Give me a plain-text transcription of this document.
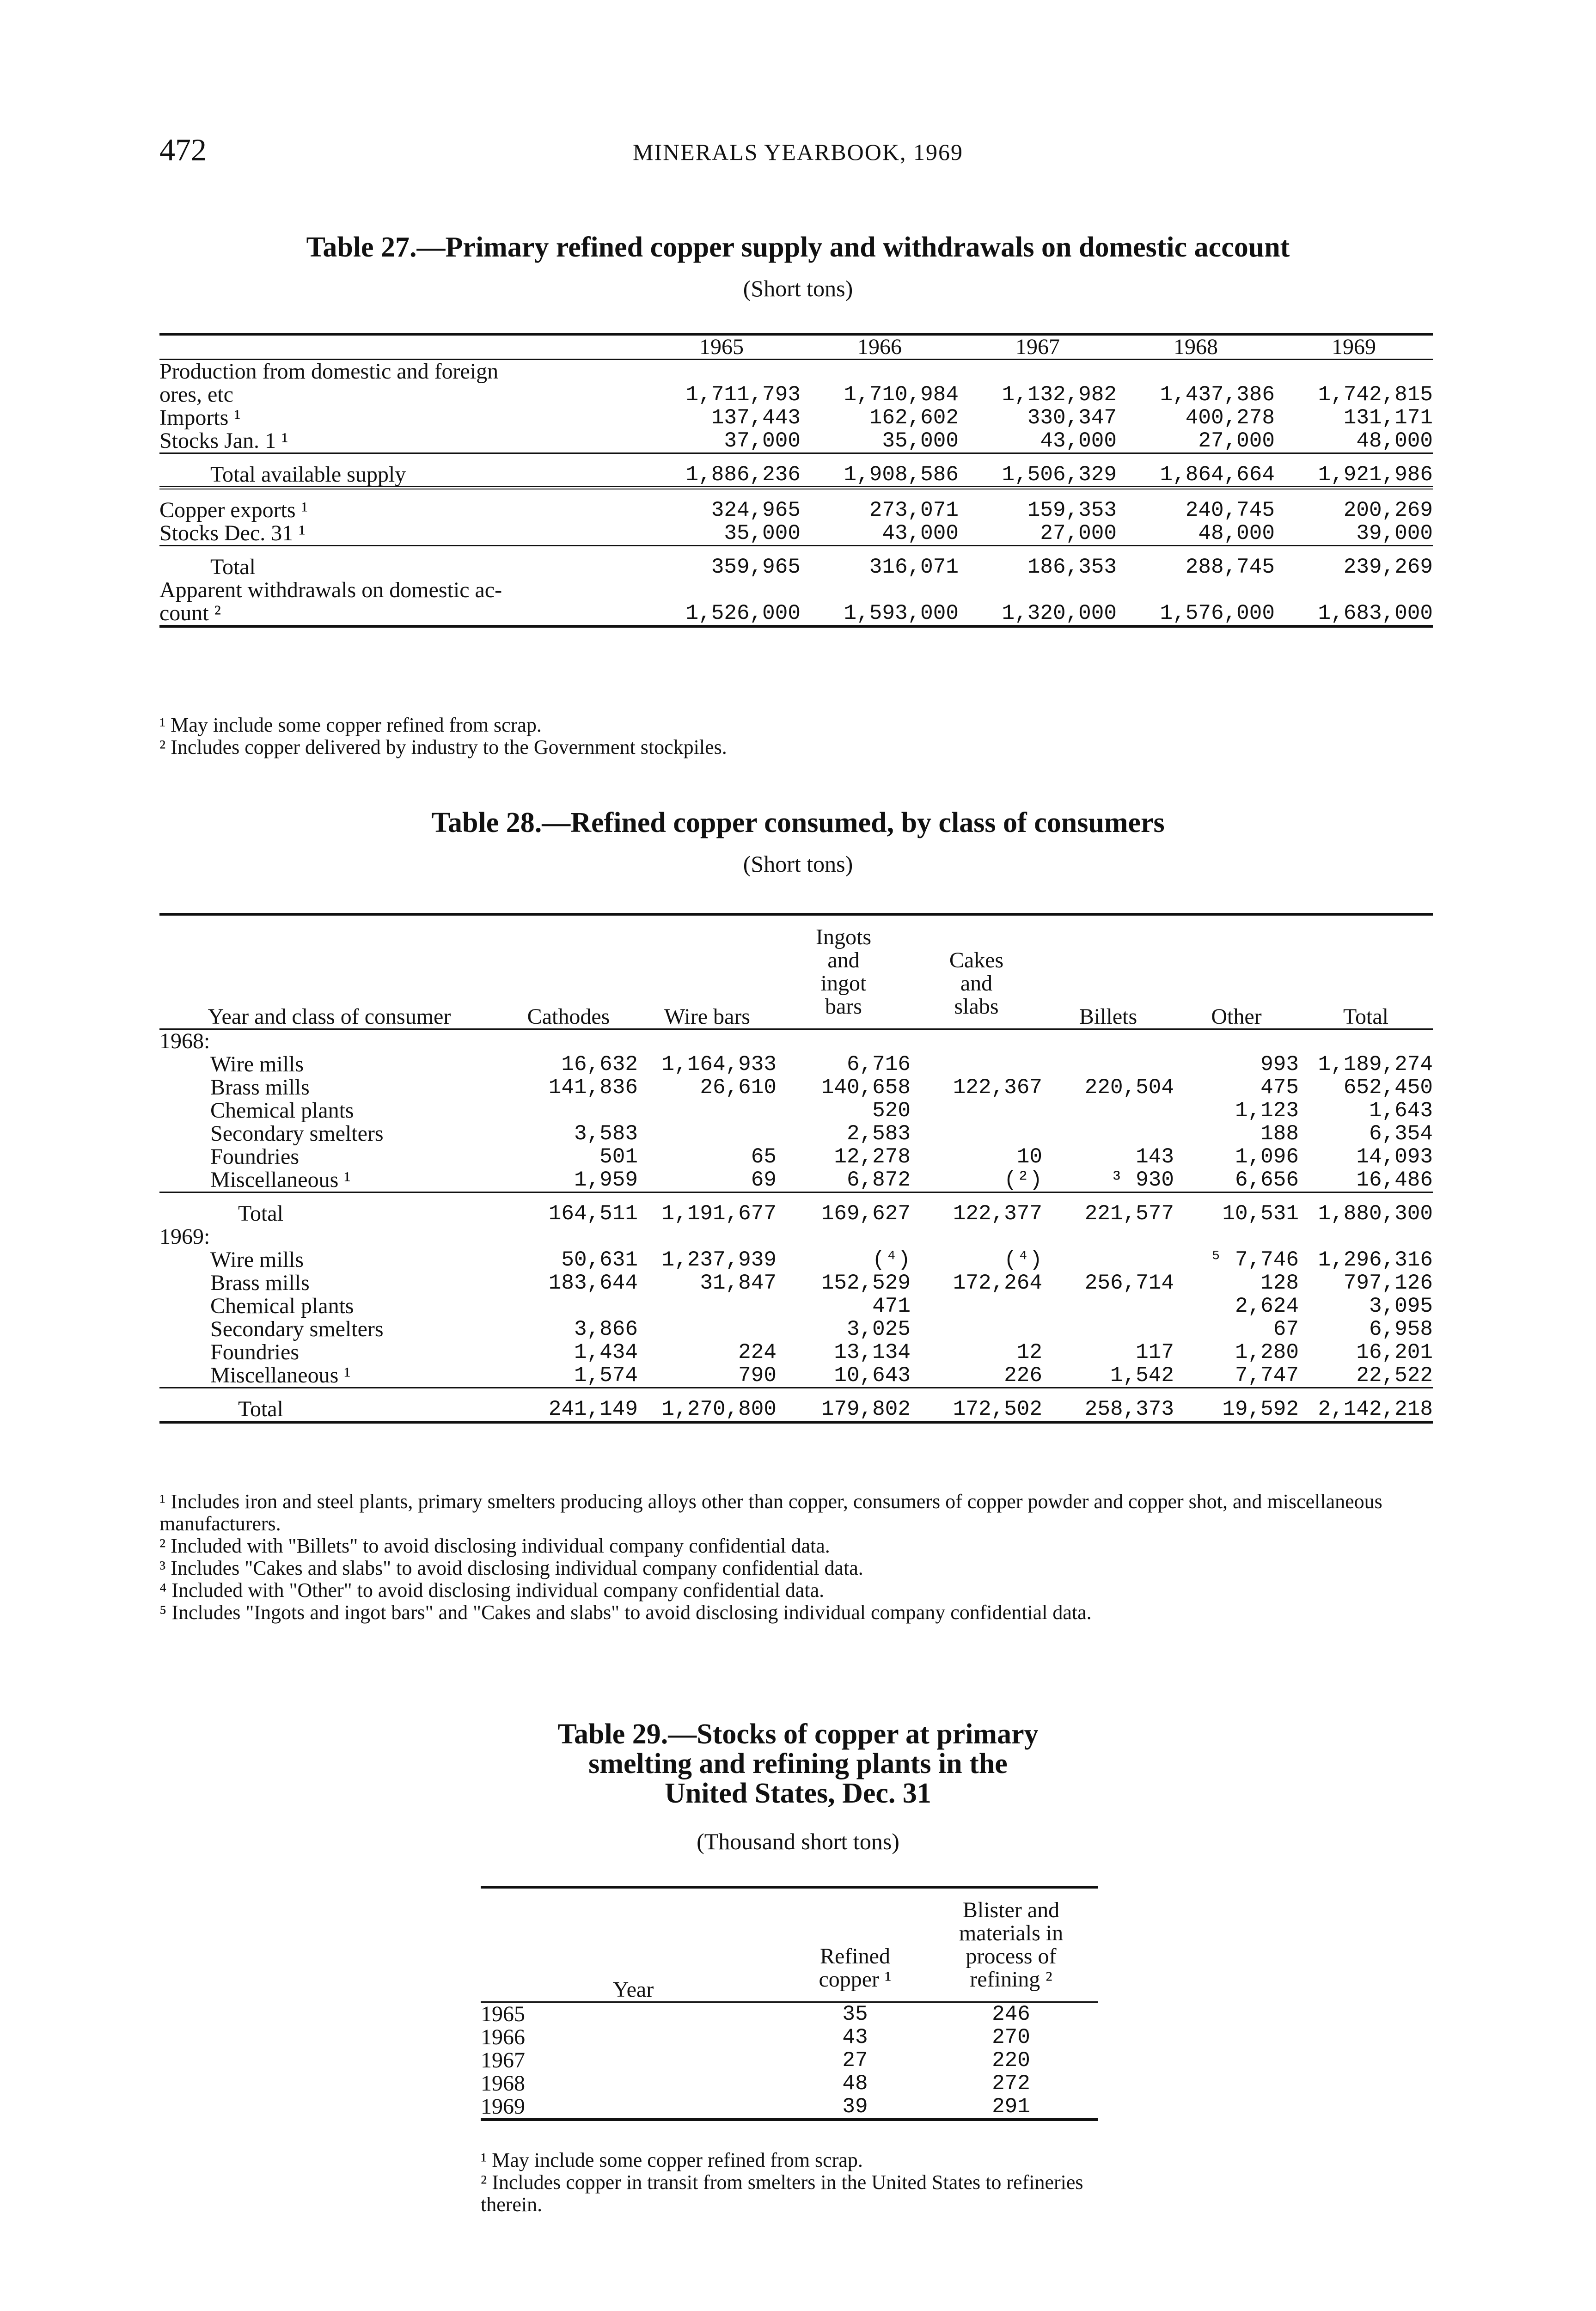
472	MINERALS YEARBOOK, 1969
Table 27.—Primary refined copper supply and withdrawals on domestic account
(Short tons)
	1965	1966	1967	1968	1969
Production from domestic and foreign					
ores, etc	1,711,793	1,710,984	1,132,982	1,437,386	1,742,815
Imports ¹	137,443	162,602	330,347	400,278	131,171
Stocks Jan. 1 ¹	37,000	35,000	43,000	27,000	48,000
Total available supply	1,886,236	1,908,586	1,506,329	1,864,664	1,921,986
Copper exports ¹	324,965	273,071	159,353	240,745	200,269
Stocks Dec. 31 ¹	35,000	43,000	27,000	48,000	39,000
Total	359,965	316,071	186,353	288,745	239,269
Apparent withdrawals on domestic ac-					
count ²	1,526,000	1,593,000	1,320,000	1,576,000	1,683,000
¹ May include some copper refined from scrap.
² Includes copper delivered by industry to the Government stockpiles.
Table 28.—Refined copper consumed, by class of consumers
(Short tons)
Year and class of consumer	Cathodes	Wire bars	Ingots and ingot bars	Cakes and slabs	Billets	Other	Total
1968:							
Wire mills	16,632	1,164,933	6,716			993	1,189,274
Brass mills	141,836	26,610	140,658	122,367	220,504	475	652,450
Chemical plants			520			1,123	1,643
Secondary smelters	3,583		2,583			188	6,354
Foundries	501	65	12,278	10	143	1,096	14,093
Miscellaneous ¹	1,959	69	6,872	(²)	³ 930	6,656	16,486
Total	164,511	1,191,677	169,627	122,377	221,577	10,531	1,880,300
1969:							
Wire mills	50,631	1,237,939	(⁴)	(⁴)		⁵ 7,746	1,296,316
Brass mills	183,644	31,847	152,529	172,264	256,714	128	797,126
Chemical plants			471			2,624	3,095
Secondary smelters	3,866		3,025			67	6,958
Foundries	1,434	224	13,134	12	117	1,280	16,201
Miscellaneous ¹	1,574	790	10,643	226	1,542	7,747	22,522
Total	241,149	1,270,800	179,802	172,502	258,373	19,592	2,142,218
¹ Includes iron and steel plants, primary smelters producing alloys other than copper, consumers of copper powder and copper shot, and miscellaneous manufacturers.
² Included with "Billets" to avoid disclosing individual company confidential data.
³ Includes "Cakes and slabs" to avoid disclosing individual company confidential data.
⁴ Included with "Other" to avoid disclosing individual company confidential data.
⁵ Includes "Ingots and ingot bars" and "Cakes and slabs" to avoid disclosing individual company confidential data.
Table 29.—Stocks of copper at primary
smelting and refining plants in the
United States, Dec. 31
(Thousand short tons)
Year	Refined copper ¹	Blister and materials in process of refining ²
1965	35	246
1966	43	270
1967	27	220
1968	48	272
1969	39	291
¹ May include some copper refined from scrap.
² Includes copper in transit from smelters in the United States to refineries therein.
